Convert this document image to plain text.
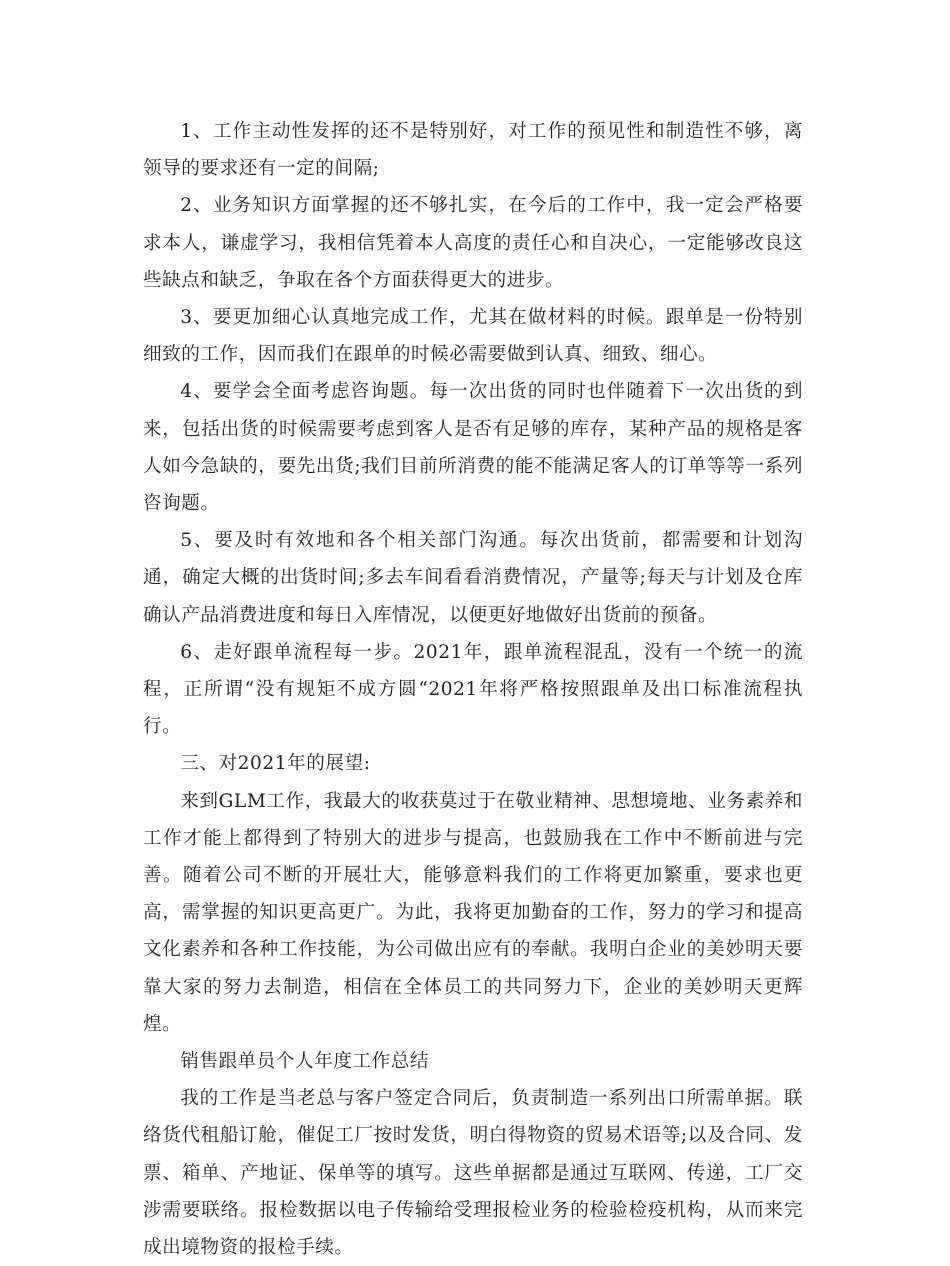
1、工作主动性发挥的还不是特别好，对工作的预见性和制造性不够，离领导的要求还有一定的间隔;

2、业务知识方面掌握的还不够扎实，在今后的工作中，我一定会严格要求本人，谦虚学习，我相信凭着本人高度的责任心和自决心，一定能够改良这些缺点和缺乏，争取在各个方面获得更大的进步。

3、要更加细心认真地完成工作，尤其在做材料的时候。跟单是一份特别细致的工作，因而我们在跟单的时候必需要做到认真、细致、细心。

4、要学会全面考虑咨询题。每一次出货的同时也伴随着下一次出货的到来，包括出货的时候需要考虑到客人是否有足够的库存，某种产品的规格是客人如今急缺的，要先出货;我们目前所消费的能不能满足客人的订单等等一系列咨询题。

5、要及时有效地和各个相关部门沟通。每次出货前，都需要和计划沟通，确定大概的出货时间;多去车间看看消费情况，产量等;每天与计划及仓库确认产品消费进度和每日入库情况，以便更好地做好出货前的预备。

6、走好跟单流程每一步。2021年，跟单流程混乱，没有一个统一的流程，正所谓“没有规矩不成方圆“2021年将严格按照跟单及出口标准流程执行。

三、对2021年的展望:

来到GLM工作，我最大的收获莫过于在敬业精神、思想境地、业务素养和工作才能上都得到了特别大的进步与提高，也鼓励我在工作中不断前进与完善。随着公司不断的开展壮大，能够意料我们的工作将更加繁重，要求也更高，需掌握的知识更高更广。为此，我将更加勤奋的工作，努力的学习和提高文化素养和各种工作技能，为公司做出应有的奉献。我明白企业的美妙明天要靠大家的努力去制造，相信在全体员工的共同努力下，企业的美妙明天更辉煌。

销售跟单员个人年度工作总结

我的工作是当老总与客户签定合同后，负责制造一系列出口所需单据。联络货代租船订舱，催促工厂按时发货，明白得物资的贸易术语等;以及合同、发票、箱单、产地证、保单等的填写。这些单据都是通过互联网、传递，工厂交涉需要联络。报检数据以电子传输给受理报检业务的检验检疫机构，从而来完成出境物资的报检手续。
